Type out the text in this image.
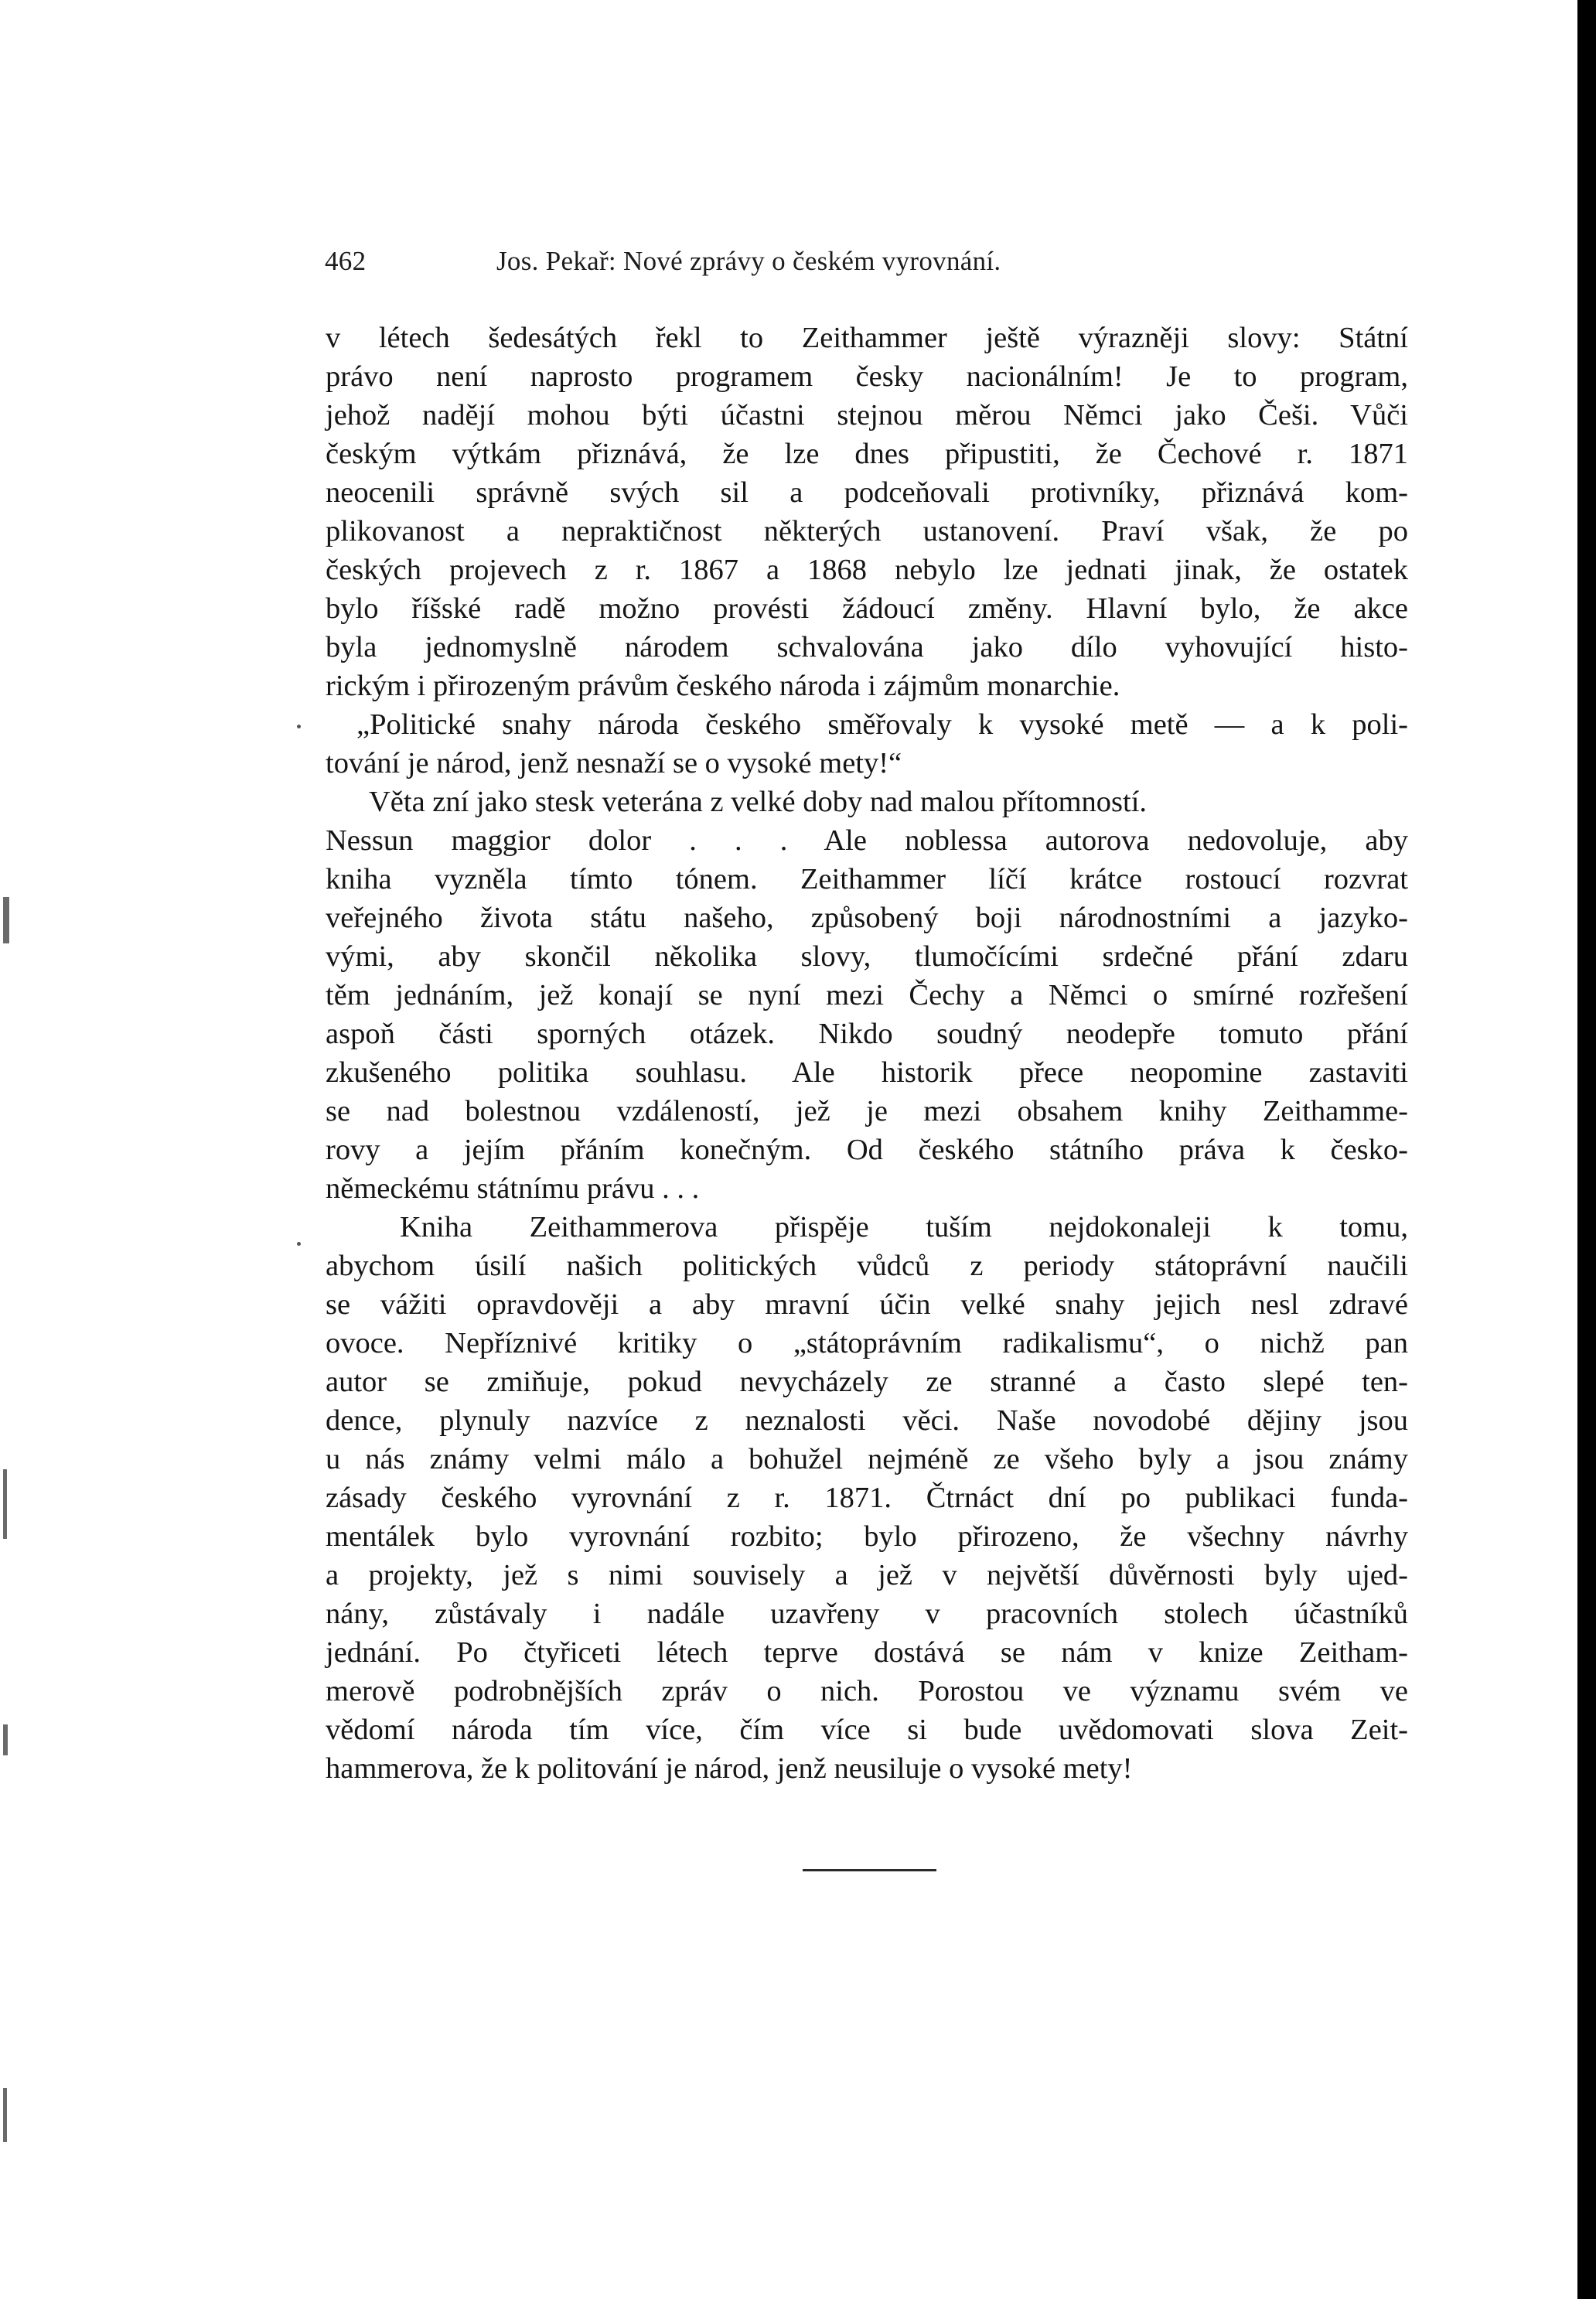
462	Jos. Pekař: Nové zprávy o českém vyrovnání.
v létech šedesátých řekl to Zeithammer ještě výrazněji slovy: Státní
právo není naprosto programem česky nacionálním! Je to program,
jehož nadějí mohou býti účastni stejnou měrou Němci jako Češi. Vůči
českým výtkám přiznává, že lze dnes připustiti, že Čechové r. 1871
neocenili správně svých sil a podceňovali protivníky, přiznává kom-
plikovanost a nepraktičnost některých ustanovení. Praví však, že po
českých projevech z r. 1867 a 1868 nebylo lze jednati jinak, že ostatek
bylo říšské radě možno provésti žádoucí změny. Hlavní bylo, že akce
byla jednomyslně národem schvalována jako dílo vyhovující histo-
rickým i přirozeným právům českého národa i zájmům monarchie.
„Politické snahy národa českého směřovaly k vysoké metě — a k poli-
tování je národ, jenž nesnaží se o vysoké mety!“
Věta zní jako stesk veterána z velké doby nad malou přítomností.
Nessun maggior dolor . . . Ale noblessa autorova nedovoluje, aby
kniha vyzněla tímto tónem. Zeithammer líčí krátce rostoucí rozvrat
veřejného života státu našeho, způsobený boji národnostními a jazyko-
vými, aby skončil několika slovy, tlumočícími srdečné přání zdaru
těm jednáním, jež konají se nyní mezi Čechy a Němci o smírné rozřešení
aspoň části sporných otázek. Nikdo soudný neodepře tomuto přání
zkušeného politika souhlasu. Ale historik přece neopomine zastaviti
se nad bolestnou vzdáleností, jež je mezi obsahem knihy Zeithamme-
rovy a jejím přáním konečným. Od českého státního práva k česko-
německému státnímu právu . . .
Kniha Zeithammerova přispěje tuším nejdokonaleji k tomu,
abychom úsilí našich politických vůdců z periody státoprávní naučili
se vážiti opravdověji a aby mravní účin velké snahy jejich nesl zdravé
ovoce. Nepříznivé kritiky o „státoprávním radikalismu“, o nichž pan
autor se zmiňuje, pokud nevycházely ze stranné a často slepé ten-
dence, plynuly nazvíce z neznalosti věci. Naše novodobé dějiny jsou
u nás známy velmi málo a bohužel nejméně ze všeho byly a jsou známy
zásady českého vyrovnání z r. 1871. Čtrnáct dní po publikaci funda-
mentálek bylo vyrovnání rozbito; bylo přirozeno, že všechny návrhy
a projekty, jež s nimi souvisely a jež v největší důvěrnosti byly ujed-
nány, zůstávaly i nadále uzavřeny v pracovních stolech účastníků
jednání. Po čtyřiceti létech teprve dostává se nám v knize Zeitham-
merově podrobnějších zpráv o nich. Porostou ve významu svém ve
vědomí národa tím více, čím více si bude uvědomovati slova Zeit-
hammerova, že k politování je národ, jenž neusiluje o vysoké mety!
